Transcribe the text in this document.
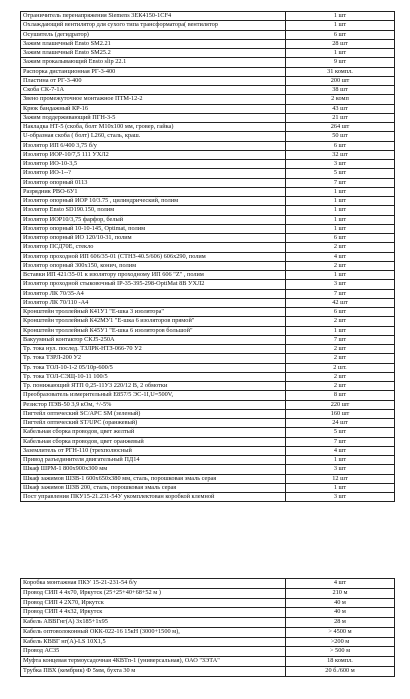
Ограничитель перенапряжения Siemens 3ЕК4150-1CF4	1 шт
Охлаждающий вентилятор для сухого типа трансформатора( вентилятор	1 шт
Осушитель (дегидратор)	6 шт
Зажим плашечный Ensto SM2.21	28 шт
Зажим плашечный Ensto SM25.2	1 шт
Зажим прокалывающий Ensto slip 22.1	9 шт
Распорка дистанционная РГ-3-400	31 компл.
Пластина от РГ-3-400	200 шт
Скоба СК-7-1А	38 шт
Звено промежуточное монтажное ПТМ-12-2	2 комп
Крюк бандажный КР-16	43 шт
Зажим поддерживающий ПГН-3-5	21 шт
Накладка НТ-5 (скоба, болт М10х100 мм, гровер, гайка)	264 шт
U-образная скоба ( болт) L260, сталь, краш.	50 шт
Изолятор ИП 6/400 3,75 б/у	6 шт
Изолятор ИОР-10/7,5 111 УХЛ2	32 шт
Изолятор ИО-10-3,5	3 шт
Изолятор ИО-1--?	5 шт
Изолятор опорный 0113	7 шт
Разрядник РВО-6У1	1 шт
Изолятор опорный ИОР 10/3.75 , цилиндрический, полим	1 шт
Изолятор Ensto SD190.150, полим	1 шт
Изолятор ИОР10/3,75 фарфор, белый	1 шт
Изолятор опорный 10-10-145, Optimat, полим	1 шт
Изолятор опорный ИО 120/10-31, полим	6 шт
Изолятор ПСД70Е, стекло	2 шт
Изолятор проходной ИП 606/35-01 (СТНЗ-40.5/606) 606х290, полим	4 шт
Изолятор опорный 300х150, конич, полим	2 шт
Вставки ИП 421/35-01 к изолятору проходному ИП 606 "Z" , полим	1 шт
Изолятор проходной стыковочный IP-35-395-298-OptiMat 8В УХЛ2	3 шт
Изолятор ЛК 70/35-А4	7 шт
Изолятор ЛК 70/110 -А4	42 шт
Кронштейн троллейный К41У1 "Е-шка 3 изолятора"	6 шт
Кронштейн троллейный К42МУ1 "Е-шка 6 изоляторов прямой"	2 шт
Кронштейн троллейный К45У1 "Е-шка 6 изоляторов большой"	1 шт
Вакуумный контактор CKJ5-250A	7 шт
Тр. тока нул. послед. ТЗЛРК-НТЗ-066-70 У2	2 шт
Тр. тока ТЗРЛ-200 У2	2 шт
Тр. тока ТОЛ-10-1-2 05/10р-600/5	2 шт.
Тр. тока ТОЛ-СЭЩ-10-11 100/5	2 шт
Тр. понижающий ЯТП 0,25-11У3 220/12 В, 2 обмотки	2 шт
Преобразователь измерительный Е857/5 ЭС-1I,U=500V,	8 шт
Резистор ПЭВ-50 3,9 кОм, +/-5%	220 шт
Пигтейл оптический SC/APC SM (зеленый)	160 шт
Пигтейл оптический ST/UPC (оранжевый)	24 шт
Кабельная сборка проводов, цвет желтый	5 шт
Кабельная сборка проводов, цвет оранжевый	7 шт
Заземлитель от РГН-110 (трехполюсный	4 шт
Привод разъединителя двигательный ПД14	1 шт
Шкаф ШРМ-1 800х900х300 мм	3 шт
Шкаф зажимов ШЗВ-1 600х650х380 мм, сталь, порошковая эмаль серая	12 шт
Шкаф зажимов ШЗВ 200, сталь, порошковая эмаль серая	1 шт
Пост управления ПКУ15-21.231-54У укомплектован коробкой клемной	3 шт
Коробка монтажная ПКУ 15-21-231-54 б/у	4 шт
Провод СИП 4 4х70, Иркутск (25+25+40+68+52 м )	210 м
Провод СИП 4 2Х70, Иркутск	40 м
Провод СИП 4 4х32, Иркутск	40 м
Кабель АВВГнг(А) 3х185+1х95	28 м
Кабель оптоволоконный ОКК-022-16 15кН (3000+1500 м),	> 4500 м
Кабель КВВГ нг(А)-LS 10Х1,5	>200 м
Провод АС35	> 500 м
Муфта концевая термоусадочная 4КВТп-1 (универсальная), ОАО "ЗЭТА"	18 компл.
Трубка ПВХ (кембрик) Ф 5мм, бухта 30 м	20 б./600 м
